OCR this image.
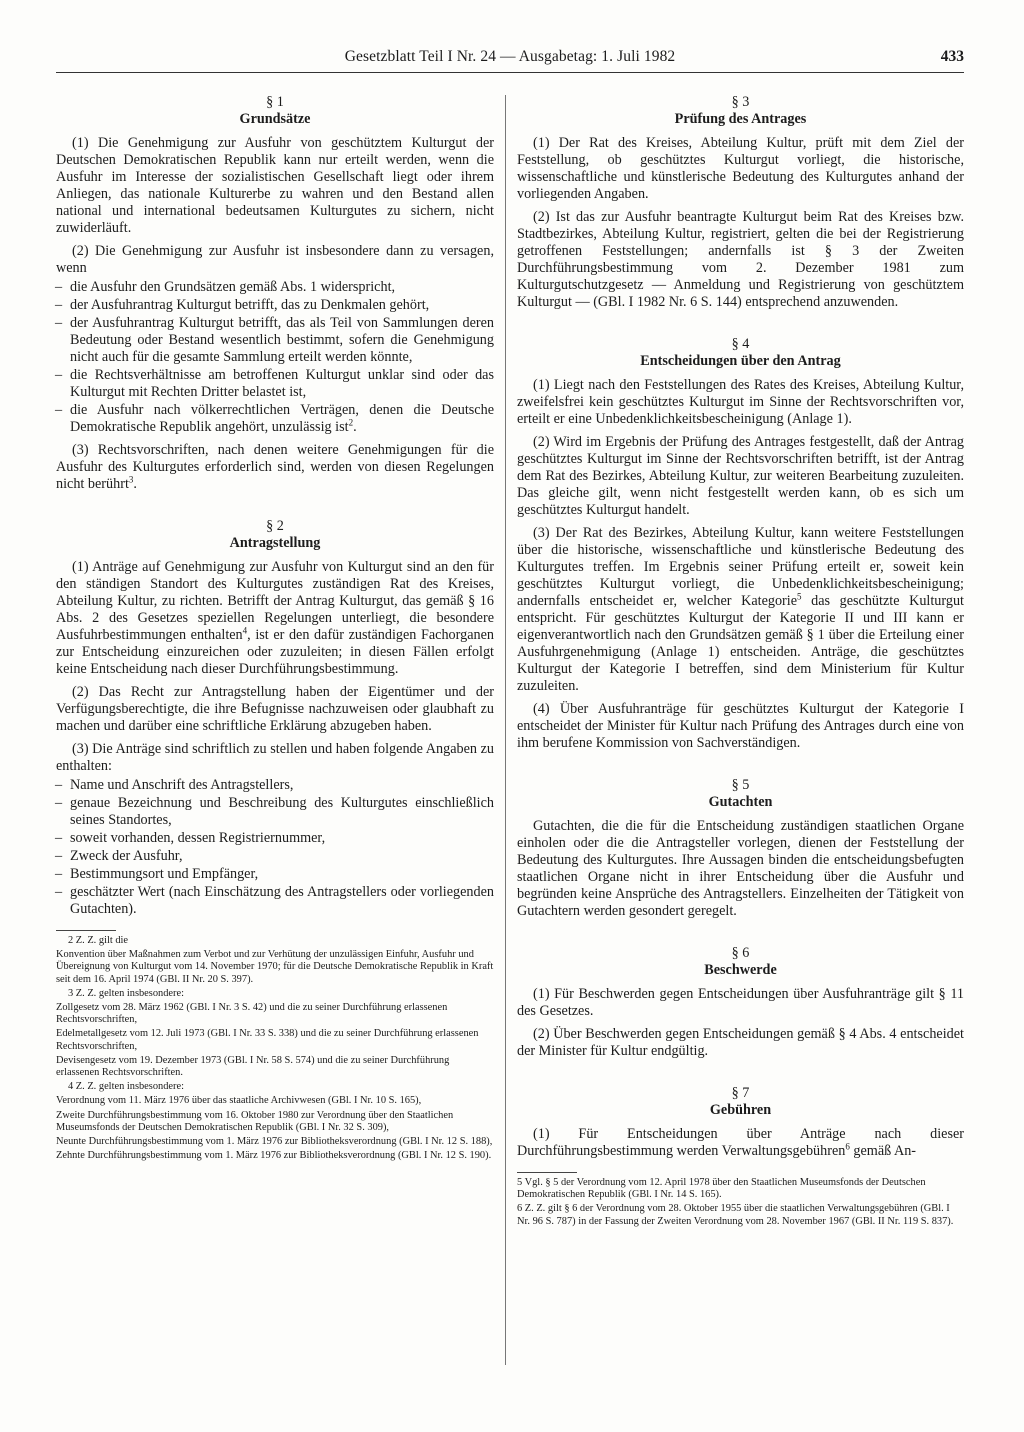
Gesetzblatt Teil I Nr. 24 — Ausgabetag: 1. Juli 1982	433
§ 1
Grundsätze

(1) Die Genehmigung zur Ausfuhr von geschütztem Kulturgut der Deutschen Demokratischen Republik kann nur erteilt werden, wenn die Ausfuhr im Interesse der sozialistischen Gesellschaft liegt oder ihrem Anliegen, das nationale Kulturerbe zu wahren und den Bestand allen national und international bedeutsamen Kulturgutes zu sichern, nicht zuwiderläuft.

(2) Die Genehmigung zur Ausfuhr ist insbesondere dann zu versagen, wenn

– die Ausfuhr den Grundsätzen gemäß Abs. 1 widerspricht,
– der Ausfuhrantrag Kulturgut betrifft, das zu Denkmalen gehört,
– der Ausfuhrantrag Kulturgut betrifft, das als Teil von Sammlungen deren Bedeutung oder Bestand wesentlich bestimmt, sofern die Genehmigung nicht auch für die gesamte Sammlung erteilt werden könnte,
– die Rechtsverhältnisse am betroffenen Kulturgut unklar sind oder das Kulturgut mit Rechten Dritter belastet ist,
– die Ausfuhr nach völkerrechtlichen Verträgen, denen die Deutsche Demokratische Republik angehört, unzulässig ist$^2$.

(3) Rechtsvorschriften, nach denen weitere Genehmigungen für die Ausfuhr des Kulturgutes erforderlich sind, werden von diesen Regelungen nicht berührt$^3$.

§ 2
Antragstellung

(1) Anträge auf Genehmigung zur Ausfuhr von Kulturgut sind an den für den ständigen Standort des Kulturgutes zuständigen Rat des Kreises, Abteilung Kultur, zu richten. Betrifft der Antrag Kulturgut, das gemäß § 16 Abs. 2 des Gesetzes speziellen Regelungen unterliegt, die besondere Ausfuhrbestimmungen enthalten$^4$, ist er den dafür zuständigen Fachorganen zur Entscheidung einzureichen oder zuzuleiten; in diesen Fällen erfolgt keine Entscheidung nach dieser Durchführungsbestimmung.

(2) Das Recht zur Antragstellung haben der Eigentümer und der Verfügungsberechtigte, die ihre Befugnisse nachzuweisen oder glaubhaft zu machen und darüber eine schriftliche Erklärung abzugeben haben.

(3) Die Anträge sind schriftlich zu stellen und haben folgende Angaben zu enthalten:

– Name und Anschrift des Antragstellers,
– genaue Bezeichnung und Beschreibung des Kulturgutes einschließlich seines Standortes,
– soweit vorhanden, dessen Registriernummer,
– Zweck der Ausfuhr,
– Bestimmungsort und Empfänger,
– geschätzter Wert (nach Einschätzung des Antragstellers oder vorliegenden Gutachten).
2 Z. Z. gilt die
Konvention über Maßnahmen zum Verbot und zur Verhütung der unzulässigen Einfuhr, Ausfuhr und Übereignung von Kulturgut vom 14. November 1970; für die Deutsche Demokratische Republik in Kraft seit dem 16. April 1974 (GBl. II Nr. 20 S. 397).
3 Z. Z. gelten insbesondere:
Zollgesetz vom 28. März 1962 (GBl. I Nr. 3 S. 42) und die zu seiner Durchführung erlassenen Rechtsvorschriften,
Edelmetallgesetz vom 12. Juli 1973 (GBl. I Nr. 33 S. 338) und die zu seiner Durchführung erlassenen Rechtsvorschriften,
Devisengesetz vom 19. Dezember 1973 (GBl. I Nr. 58 S. 574) und die zu seiner Durchführung erlassenen Rechtsvorschriften.
4 Z. Z. gelten insbesondere:
Verordnung vom 11. März 1976 über das staatliche Archivwesen (GBl. I Nr. 10 S. 165),
Zweite Durchführungsbestimmung vom 16. Oktober 1980 zur Verordnung über den Staatlichen Museumsfonds der Deutschen Demokratischen Republik (GBl. I Nr. 32 S. 309),
Neunte Durchführungsbestimmung vom 1. März 1976 zur Bibliotheksverordnung (GBl. I Nr. 12 S. 188),
Zehnte Durchführungsbestimmung vom 1. März 1976 zur Bibliotheksverordnung (GBl. I Nr. 12 S. 190).
§ 3
Prüfung des Antrages

(1) Der Rat des Kreises, Abteilung Kultur, prüft mit dem Ziel der Feststellung, ob geschütztes Kulturgut vorliegt, die historische, wissenschaftliche und künstlerische Bedeutung des Kulturgutes anhand der vorliegenden Angaben.

(2) Ist das zur Ausfuhr beantragte Kulturgut beim Rat des Kreises bzw. Stadtbezirkes, Abteilung Kultur, registriert, gelten die bei der Registrierung getroffenen Feststellungen; andernfalls ist § 3 der Zweiten Durchführungsbestimmung vom 2. Dezember 1981 zum Kulturgutschutzgesetz — Anmeldung und Registrierung von geschütztem Kulturgut — (GBl. I 1982 Nr. 6 S. 144) entsprechend anzuwenden.

§ 4
Entscheidungen über den Antrag

(1) Liegt nach den Feststellungen des Rates des Kreises, Abteilung Kultur, zweifelsfrei kein geschütztes Kulturgut im Sinne der Rechtsvorschriften vor, erteilt er eine Unbedenklichkeitsbescheinigung (Anlage 1).

(2) Wird im Ergebnis der Prüfung des Antrages festgestellt, daß der Antrag geschütztes Kulturgut im Sinne der Rechtsvorschriften betrifft, ist der Antrag dem Rat des Bezirkes, Abteilung Kultur, zur weiteren Bearbeitung zuzuleiten. Das gleiche gilt, wenn nicht festgestellt werden kann, ob es sich um geschütztes Kulturgut handelt.

(3) Der Rat des Bezirkes, Abteilung Kultur, kann weitere Feststellungen über die historische, wissenschaftliche und künstlerische Bedeutung des Kulturgutes treffen. Im Ergebnis seiner Prüfung erteilt er, soweit kein geschütztes Kulturgut vorliegt, die Unbedenklichkeitsbescheinigung; andernfalls entscheidet er, welcher Kategorie$^5$ das geschützte Kulturgut entspricht. Für geschütztes Kulturgut der Kategorie II und III kann er eigenverantwortlich nach den Grundsätzen gemäß § 1 über die Erteilung einer Ausfuhrgenehmigung (Anlage 1) entscheiden. Anträge, die geschütztes Kulturgut der Kategorie I betreffen, sind dem Ministerium für Kultur zuzuleiten.

(4) Über Ausfuhranträge für geschütztes Kulturgut der Kategorie I entscheidet der Minister für Kultur nach Prüfung des Antrages durch eine von ihm berufene Kommission von Sachverständigen.

§ 5
Gutachten

Gutachten, die die für die Entscheidung zuständigen staatlichen Organe einholen oder die die Antragsteller vorlegen, dienen der Feststellung der Bedeutung des Kulturgutes. Ihre Aussagen binden die entscheidungsbefugten staatlichen Organe nicht in ihrer Entscheidung über die Ausfuhr und begründen keine Ansprüche des Antragstellers. Einzelheiten der Tätigkeit von Gutachtern werden gesondert geregelt.

§ 6
Beschwerde

(1) Für Beschwerden gegen Entscheidungen über Ausfuhranträge gilt § 11 des Gesetzes.

(2) Über Beschwerden gegen Entscheidungen gemäß § 4 Abs. 4 entscheidet der Minister für Kultur endgültig.

§ 7
Gebühren

(1) Für Entscheidungen über Anträge nach dieser Durchführungsbestimmung werden Verwaltungsgebühren$^6$ gemäß An-

5 Vgl. § 5 der Verordnung vom 12. April 1978 über den Staatlichen Museumsfonds der Deutschen Demokratischen Republik (GBl. I Nr. 14 S. 165).
6 Z. Z. gilt § 6 der Verordnung vom 28. Oktober 1955 über die staatlichen Verwaltungsgebühren (GBl. I Nr. 96 S. 787) in der Fassung der Zweiten Verordnung vom 28. November 1967 (GBl. II Nr. 119 S. 837).
